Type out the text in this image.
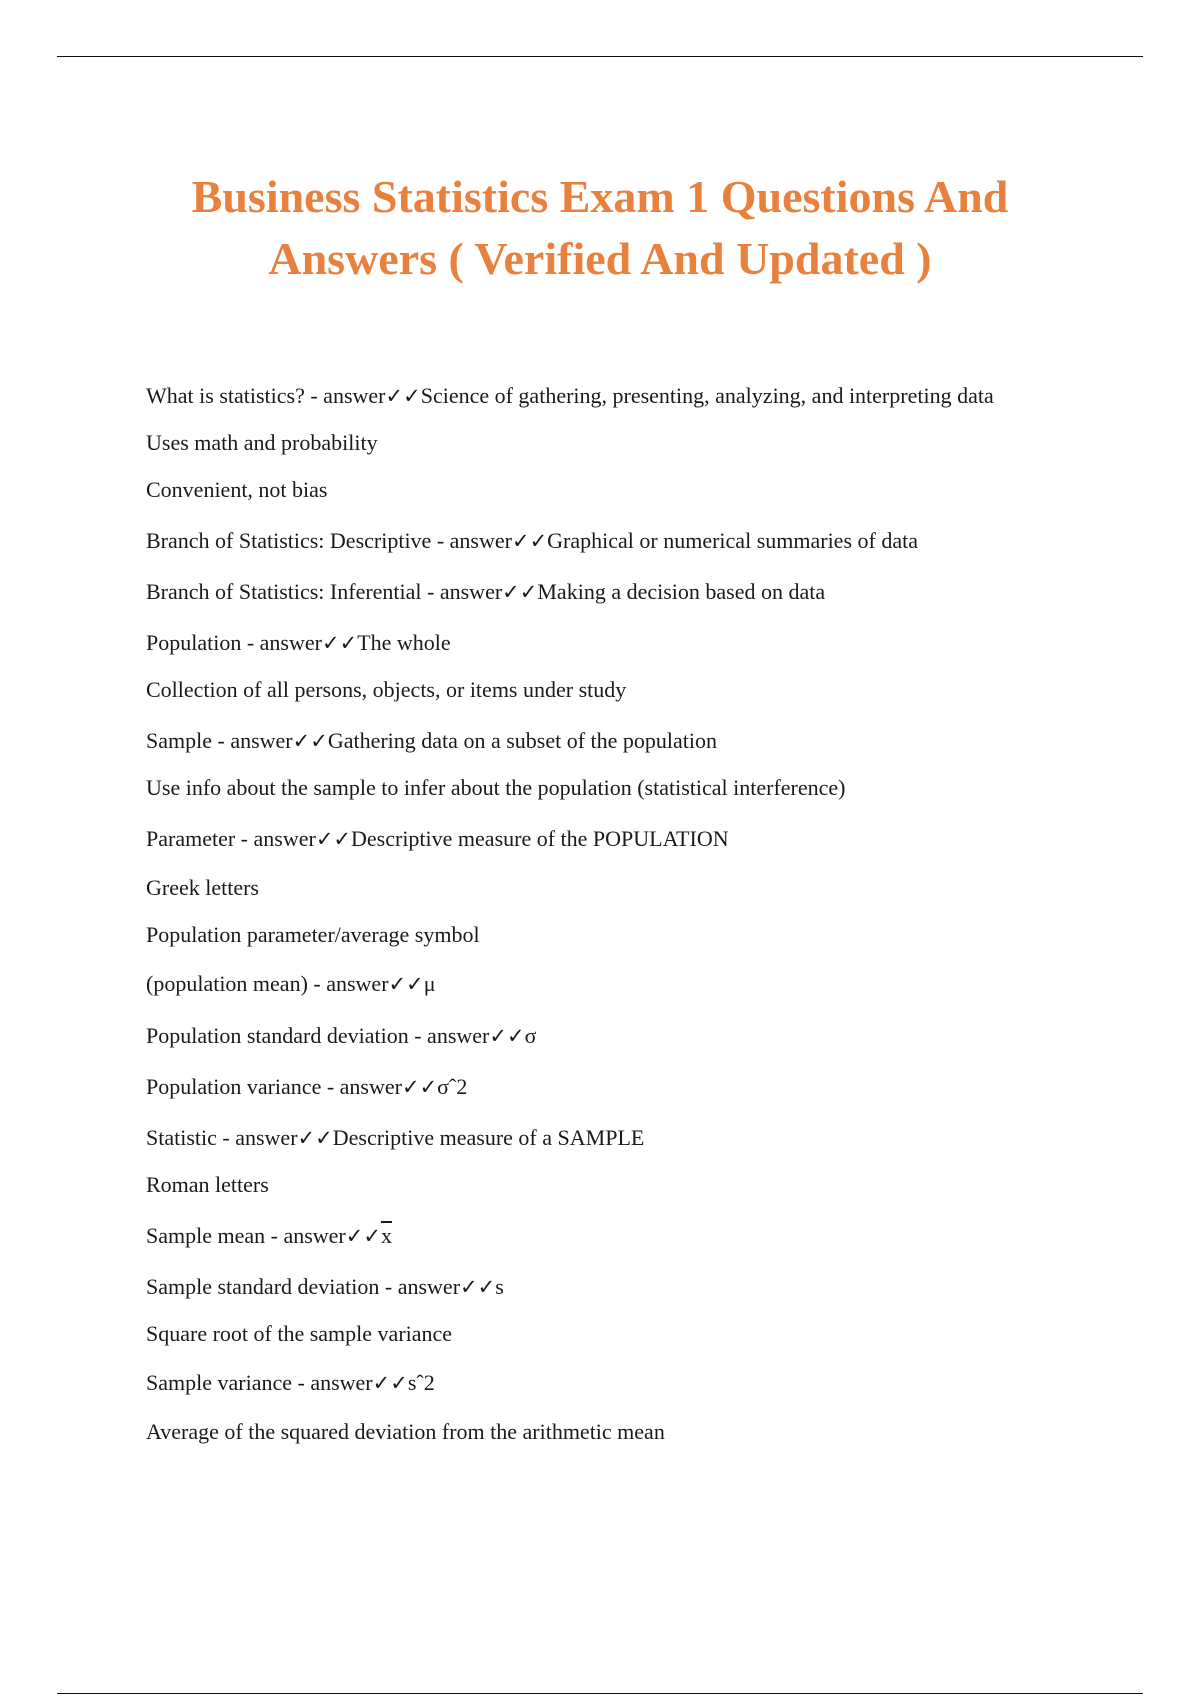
Business Statistics Exam 1 Questions And
Answers ( Verified And Updated )
What is statistics? - answer✓✓Science of gathering, presenting, analyzing, and interpreting data
Uses math and probability
Convenient, not bias
Branch of Statistics: Descriptive - answer✓✓Graphical or numerical summaries of data
Branch of Statistics: Inferential - answer✓✓Making a decision based on data
Population - answer✓✓The whole
Collection of all persons, objects, or items under study
Sample - answer✓✓Gathering data on a subset of the population
Use info about the sample to infer about the population (statistical interference)
Parameter - answer✓✓Descriptive measure of the POPULATION
Greek letters
Population parameter/average symbol
(population mean) - answer✓✓μ
Population standard deviation - answer✓✓σ
Population variance - answer✓✓σˆ2
Statistic - answer✓✓Descriptive measure of a SAMPLE
Roman letters
Sample mean - $answer✓✓\overline{x}$
Sample standard deviation - answer✓✓s
Square root of the sample variance
Sample variance - answer✓✓sˆ2
Average of the squared deviation from the arithmetic mean
